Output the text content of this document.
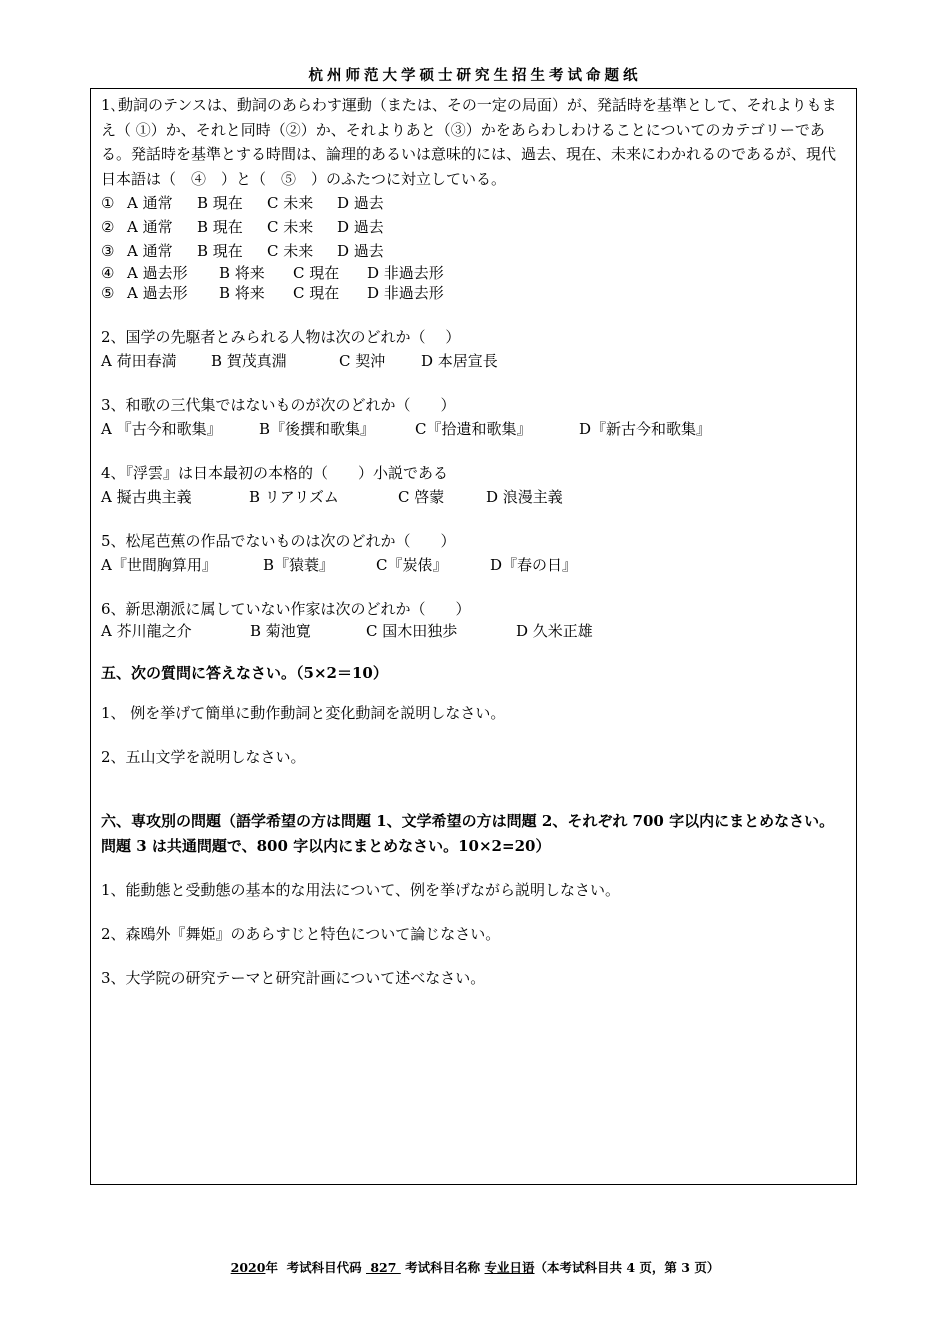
杭州师范大学硕士研究生招生考试命题纸

1､動詞のテンスは、動詞のあらわす運動（または、その一定の局面）が、発話時を基準として、それよりもまえ（ ①）か、それと同時（②）か、それよりあと（③）かをあらわしわけることについてのカテゴリーである。発話時を基準とする時間は、論理的あるいは意味的には、過去、現在、未来にわかれるのであるが、現代日本語は（　④　）と（　⑤　）のふたつに対立している。

① A 通常 B 現在 C 未来 D 過去

② A 通常 B 現在 C 未来 D 過去

③ A 通常 B 現在 C 未来 D 過去

④ A 過去形 B 将来 C 現在 D 非過去形

⑤ A 過去形 B 将来 C 現在 D 非過去形

2、国学の先駆者とみられる人物は次のどれか（　 ）

A 荷田春満 B 賀茂真淵	C 契沖 D 本居宣長

3、和歌の三代集ではないものが次のどれか（　　）

A 『古今和歌集』 B『後撰和歌集』	C『拾遺和歌集』	D『新古今和歌集』

4、『浮雲』は日本最初の本格的（　　）小説である

A 擬古典主義	B リアリズム	C 啓蒙	D 浪漫主義

5、松尾芭蕉の作品でないものは次のどれか（　　）

A『世間胸算用』	B『猿蓑』	C『炭俵』	D『春の日』

6、新思潮派に属していない作家は次のどれか（　　）

A 芥川龍之介	B 菊池寛	C 国木田独歩	D 久米正雄

五、次の質問に答えなさい。（5×2＝10）

1、 例を挙げて簡単に動作動詞と変化動詞を説明しなさい。

2、五山文学を説明しなさい。

六、専攻別の問題（語学希望の方は問題 1、文学希望の方は問題 2、それぞれ 700 字以内にまとめなさい。問題 3 は共通問題で、800 字以内にまとめなさい。10×2=20）

1、能動態と受動態の基本的な用法について、例を挙げながら説明しなさい。

2、森鴎外『舞姫』のあらすじと特色について論じなさい。

3、大学院の研究テーマと研究計画について述べなさい。

2020年  考试科目代码  827  考试科目名称 专业日语（本考试科目共 4 页，第 3 页）
